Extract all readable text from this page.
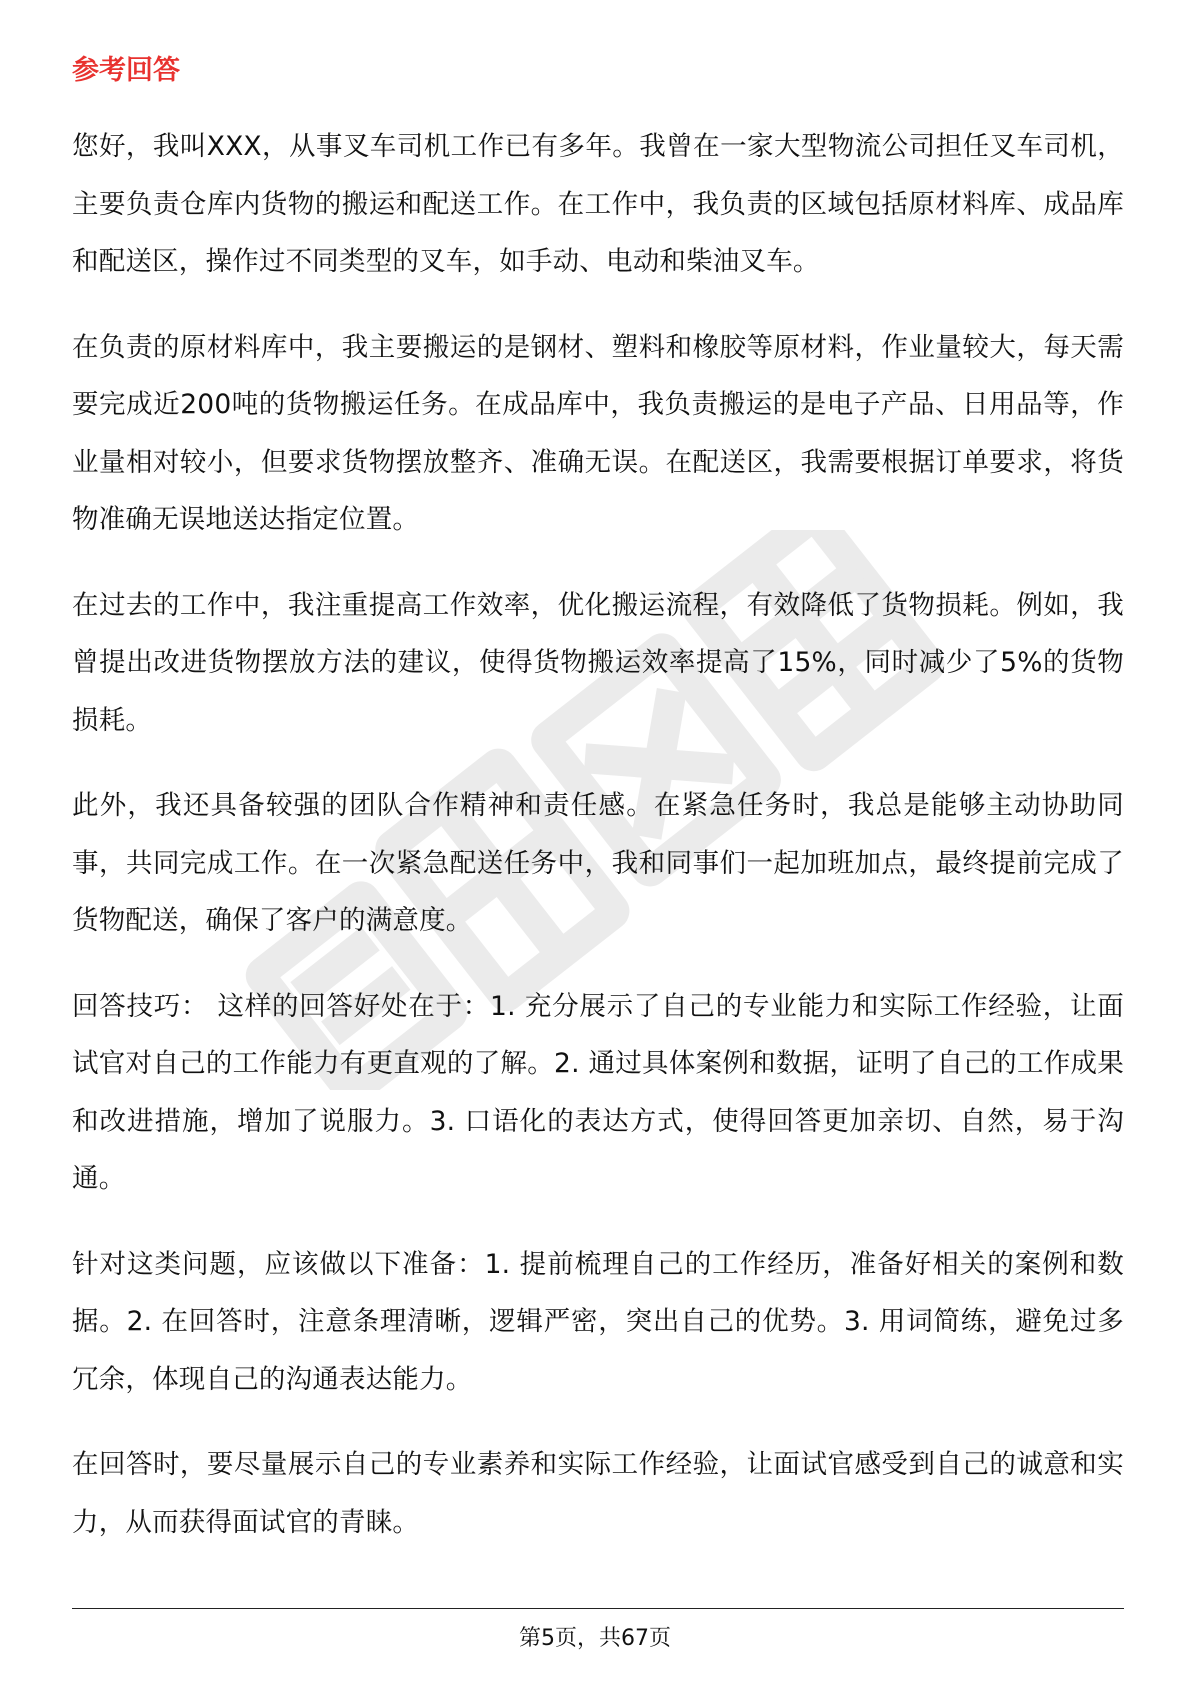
参考回答

您好，我叫XXX，从事叉车司机工作已有多年。我曾在一家大型物流公司担任叉车司机，主要负责仓库内货物的搬运和配送工作。在工作中，我负责的区域包括原材料库、成品库和配送区，操作过不同类型的叉车，如手动、电动和柴油叉车。

在负责的原材料库中，我主要搬运的是钢材、塑料和橡胶等原材料，作业量较大，每天需要完成近200吨的货物搬运任务。在成品库中，我负责搬运的是电子产品、日用品等，作业量相对较小，但要求货物摆放整齐、准确无误。在配送区，我需要根据订单要求，将货物准确无误地送达指定位置。

在过去的工作中，我注重提高工作效率，优化搬运流程，有效降低了货物损耗。例如，我曾提出改进货物摆放方法的建议，使得货物搬运效率提高了15%，同时减少了5%的货物损耗。

此外，我还具备较强的团队合作精神和责任感。在紧急任务时，我总是能够主动协助同事，共同完成工作。在一次紧急配送任务中，我和同事们一起加班加点，最终提前完成了货物配送，确保了客户的满意度。

回答技巧： 这样的回答好处在于：1. 充分展示了自己的专业能力和实际工作经验，让面试官对自己的工作能力有更直观的了解。2. 通过具体案例和数据，证明了自己的工作成果和改进措施，增加了说服力。3. 口语化的表达方式，使得回答更加亲切、自然，易于沟通。

针对这类问题，应该做以下准备：1. 提前梳理自己的工作经历，准备好相关的案例和数据。2. 在回答时，注意条理清晰，逻辑严密，突出自己的优势。3. 用词简练，避免过多冗余，体现自己的沟通表达能力。

在回答时，要尽量展示自己的专业素养和实际工作经验，让面试官感受到自己的诚意和实力，从而获得面试官的青睐。

第5页，共67页
